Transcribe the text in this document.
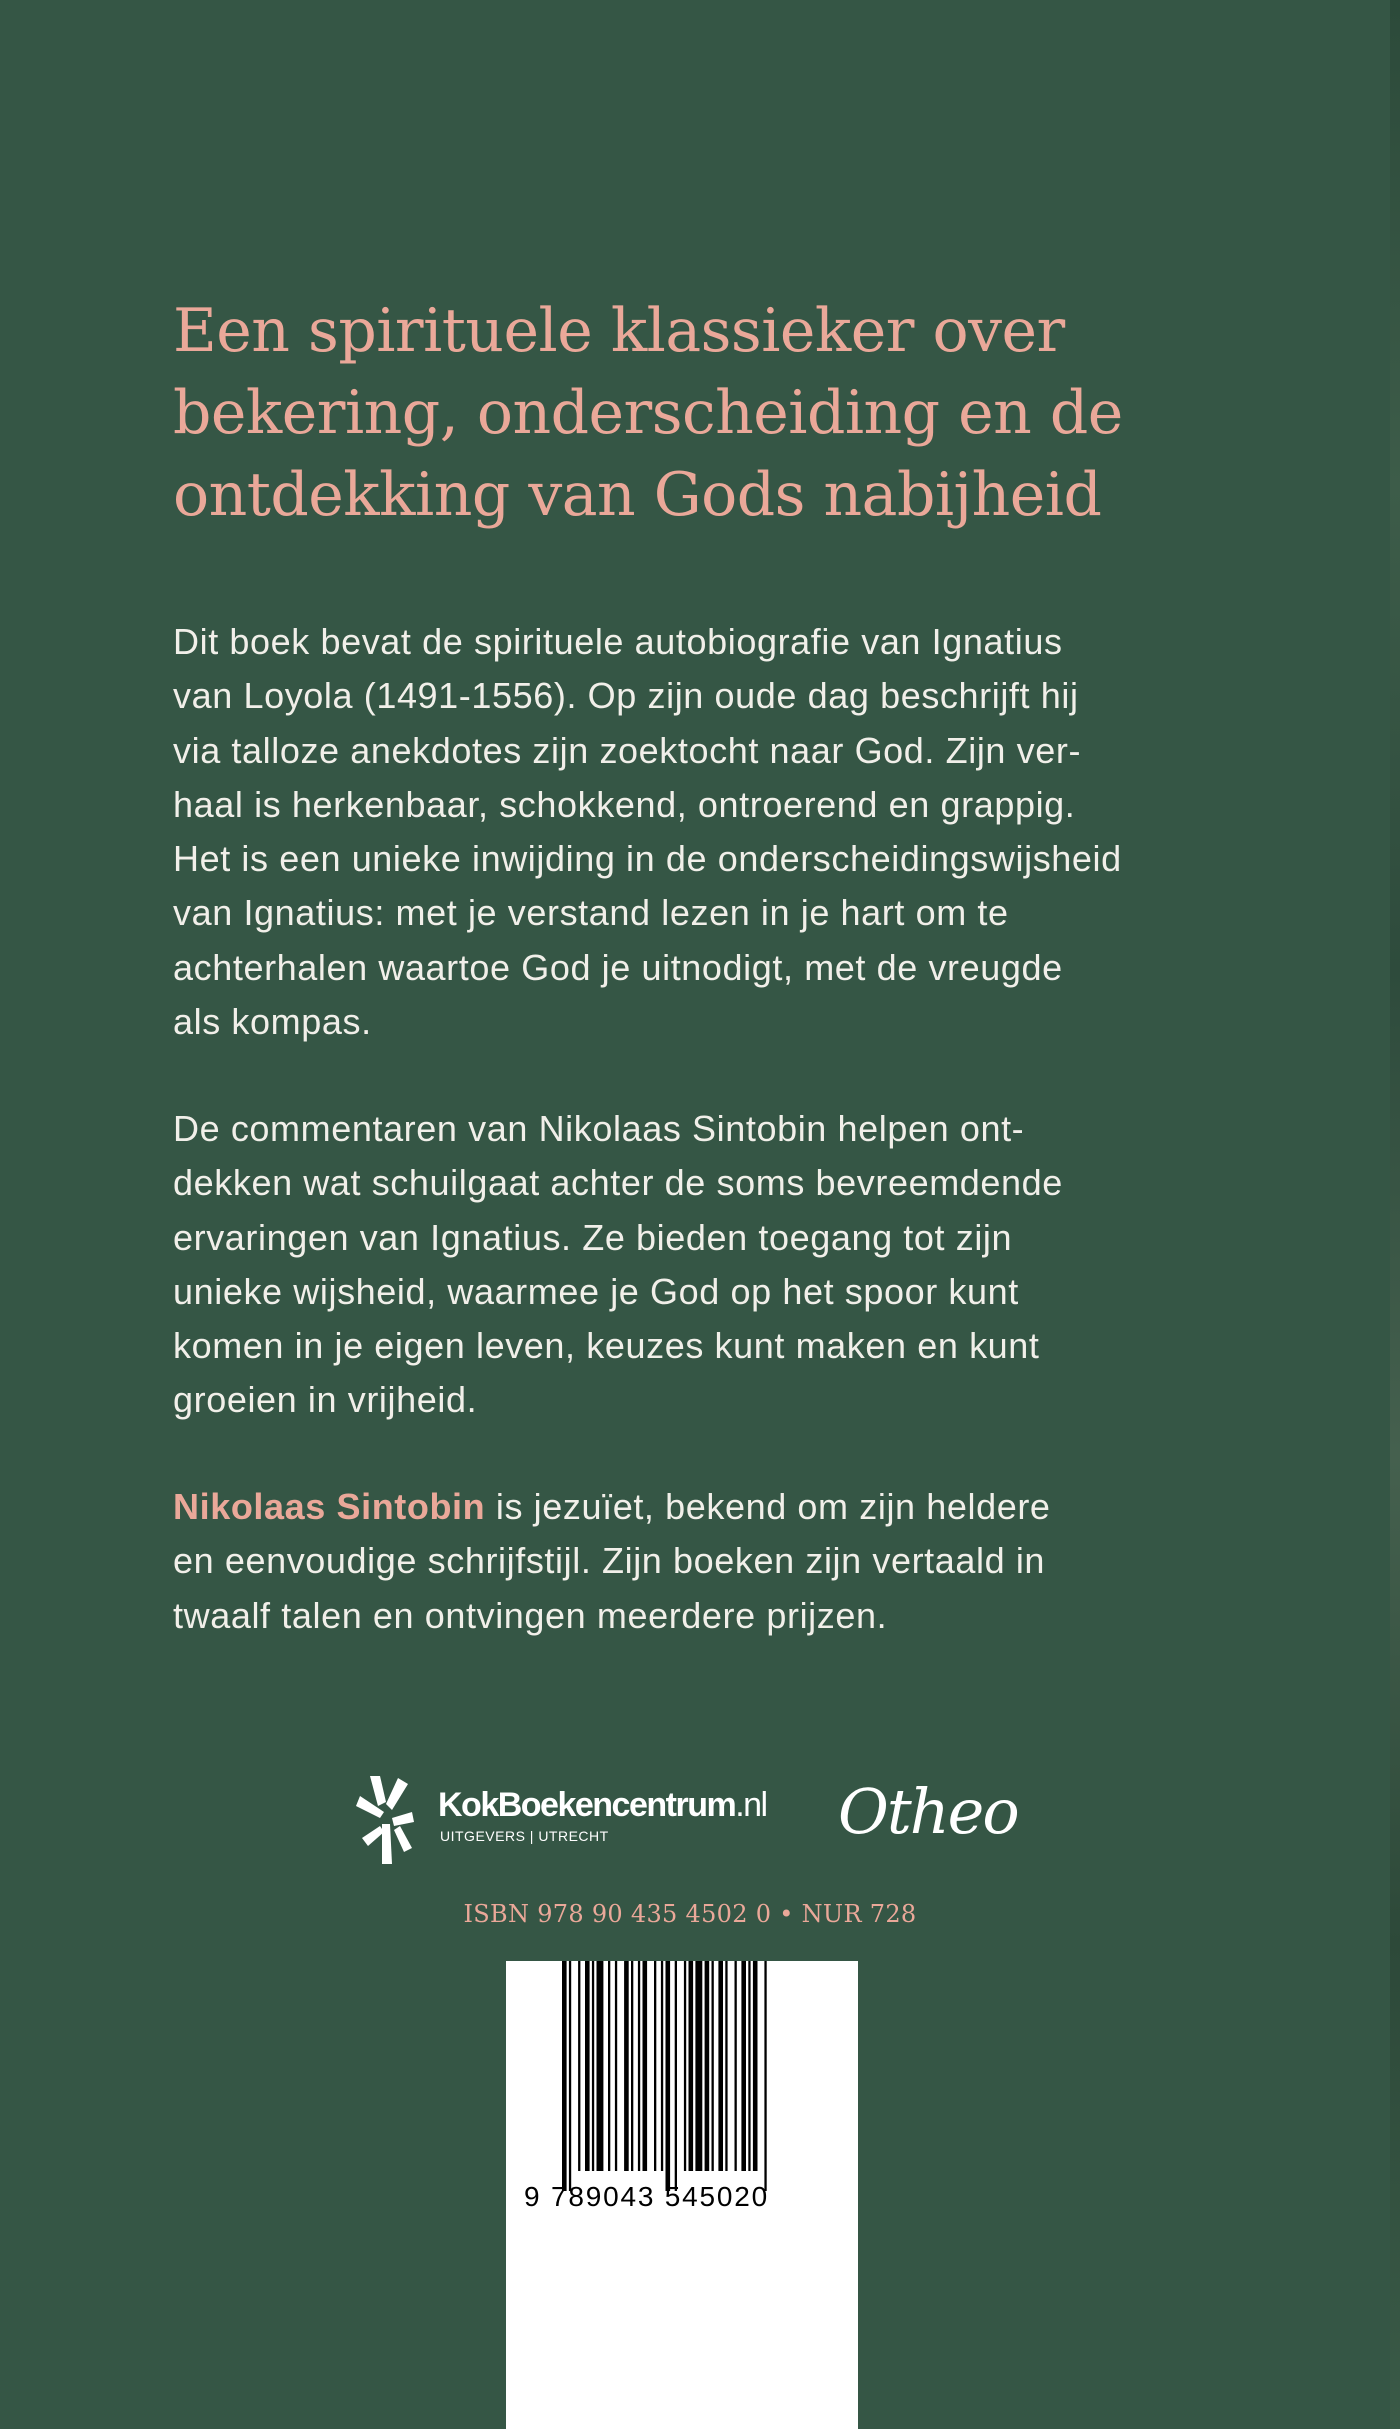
Een spirituele klassieker over
bekering, onderscheiding en de
ontdekking van Gods nabijheid

Dit boek bevat de spirituele autobiografie van Ignatius
van Loyola (1491-1556). Op zijn oude dag beschrijft hij
via talloze anekdotes zijn zoektocht naar God. Zijn ver-
haal is herkenbaar, schokkend, ontroerend en grappig.
Het is een unieke inwijding in de onderscheidingswijsheid
van Ignatius: met je verstand lezen in je hart om te
achterhalen waartoe God je uitnodigt, met de vreugde
als kompas.

De commentaren van Nikolaas Sintobin helpen ont-
dekken wat schuilgaat achter de soms bevreemdende
ervaringen van Ignatius. Ze bieden toegang tot zijn
unieke wijsheid, waarmee je God op het spoor kunt
komen in je eigen leven, keuzes kunt maken en kunt
groeien in vrijheid.

Nikolaas Sintobin is jezuïet, bekend om zijn heldere
en eenvoudige schrijfstijl. Zijn boeken zijn vertaald in
twaalf talen en ontvingen meerdere prijzen.

KokBoekencentrum.nl
UITGEVERS | UTRECHT	Otheo
ISBN 978 90 435 4502 0 • NUR 728
9 789043 545020
